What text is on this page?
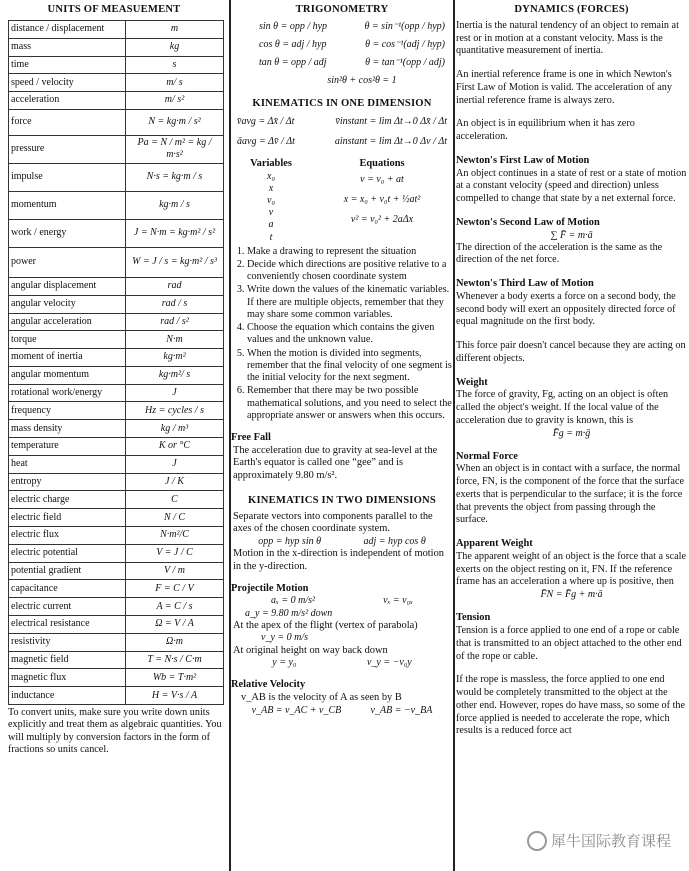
UNITS OF MEASUEMENT
distance / displacement	m
mass	kg
time	s
speed / velocity	m/ s
acceleration	m/ s²
force	N = kg·m / s²
pressure	Pa = N / m² = kg / m·s²
impulse	N·s = kg·m / s
momentum	kg·m / s
work / energy	J = N·m = kg·m² / s²
power	W = J / s = kg·m² / s³
angular displacement	rad
angular velocity	rad / s
angular acceleration	rad / s²
torque	N·m
moment of inertia	kg·m²
angular momentum	kg·m²/ s
rotational work/energy	J
frequency	Hz = cycles / s
mass density	kg / m³
temperature	K or °C
heat	J
entropy	J / K
electric charge	C
electric field	N / C
electric flux	N·m²/C
electric potential	V = J / C
potential gradient	V / m
capacitance	F = C / V
electric current	A = C / s
electrical resistance	Ω = V / A
resistivity	Ω·m
magnetic field	T = N·s / C·m
magnetic flux	Wb = T·m²
inductance	H = V·s / A
To convert units, make sure you write down units explicitly and treat them as algebraic quantities. You will multiply by conversion factors in the form of fractions so units cancel.
TRIGONOMETRY
sin θ = opp / hyp	θ = sin⁻¹(opp / hyp)
cos θ = adj / hyp	θ = cos⁻¹(adj / hyp)
tan θ = opp / adj	θ = tan⁻¹(opp / adj)
sin²θ + cos²θ = 1
KINEMATICS IN ONE DIMENSION
v̄avg = Δx̄ / Δt	v̄instant = lim Δt→0 Δx̄ / Δt
āavg = Δv̄ / Δt	ainstant = lim Δt→0 Δv / Δt
Variables
x₀
x
v₀
v
a
t
Equations
v = v₀ + at
x = x₀ + v₀t + ½at²
v² = v₀² + 2aΔx
1. Make a drawing to represent the situation
2. Decide which directions are positive relative to a conveniently chosen coordinate system
3. Write down the values of the kinematic variables. If there are multiple objects, remember that they may share some common variables.
4. Choose the equation which contains the given values and the unknown value.
5. When the motion is divided into segments, remember that the final velocity of one segment is the initial velocity for the next segment.
6. Remember that there may be two possible mathematical solutions, and you need to select the appropriate answer or answers when this occurs.
Free Fall

The acceleration due to gravity at sea-level at the Earth's equator is called one “gee” and is approximately 9.80 m/s².

KINEMATICS IN TWO DIMENSIONS

Separate vectors into components parallel to the axes of the chosen coordinate system.

opp = hyp sin θ	adj = hyp cos θ

Motion in the x-direction is independent of motion in the y-direction.

Projectile Motion
aₓ = 0 m/s²	vₓ = v₀ₓ
a_y = 9.80 m/s² down

At the apex of the flight (vertex of parabola)

v_y = 0 m/s

At original height on way back down

y = y₀	v_y = −v₀y
Relative Velocity

v_AB is the velocity of A as seen by B

v_AB = v_AC + v_CB	v_AB = −v_BA
DYNAMICS (FORCES)

Inertia is the natural tendency of an object to remain at rest or in motion at a constant velocity. Mass is the quantitative measurement of inertia.

An inertial reference frame is one in which Newton's First Law of Motion is valid. The acceleration of any inertial reference frame is always zero.

An object is in equilibrium when it has zero acceleration.

Newton's First Law of Motion

An object continues in a state of rest or a state of motion at a constant velocity (speed and direction) unless compelled to change that state by a net external force.

Newton's Second Law of Motion
∑ F̄ = m·ā

The direction of the acceleration is the same as the direction of the net force.

Newton's Third Law of Motion

Whenever a body exerts a force on a second body, the second body will exert an oppositely directed force of equal magnitude on the first body.

This force pair doesn't cancel because they are acting on different objects.

Weight

The force of gravity, Fg, acting on an object is often called the object's weight. If the local value of the acceleration due to gravity is known, this is

F̄g = m·ḡ
Normal Force

When an object is in contact with a surface, the normal force, FN, is the component of the force that the surface exerts that is perpendicular to the surface; it is the force that prevents the object from passing through the surface.

Apparent Weight

The apparent weight of an object is the force that a scale exerts on the object resting on it, FN. If the reference frame has an acceleration a where up is positive, then

F̄N = F̄g + m·ā
Tension

Tension is a force applied to one end of a rope or cable that is transmitted to an object attached to the other end of the rope or cable.

If the rope is massless, the force applied to one end would be completely transmitted to the object at the other end. However, ropes do have mass, so some of the force applied is needed to accelerate the rope, which results is a reduced force act

犀牛国际教育课程
